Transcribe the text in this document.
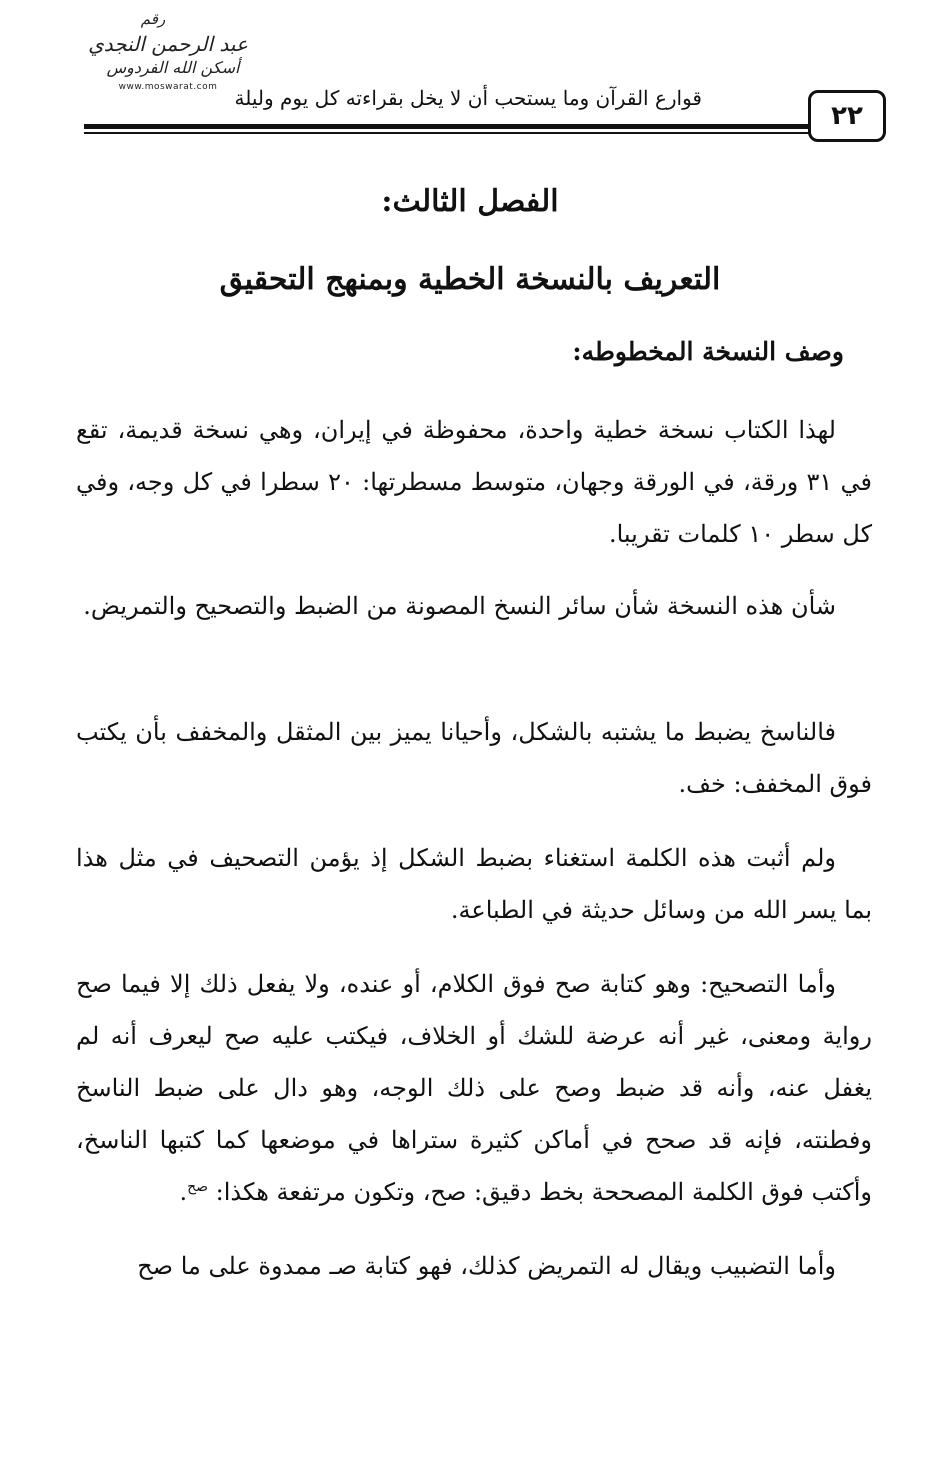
رقم
عبد الرحمن النجدي
أسكن الله الفردوس
www.moswarat.com قوارع القرآن وما يستحب أن لا يخل بقراءته كل يوم وليلة
٢٢
الفصل الثالث:
التعريف بالنسخة الخطية وبمنهج التحقيق
وصف النسخة المخطوطه:

لهذا الكتاب نسخة خطية واحدة، محفوظة في إيران، وهي نسخة قديمة، تقع في ٣١ ورقة، في الورقة وجهان، متوسط مسطرتها: ٢٠ سطرا في كل وجه، وفي كل سطر ١٠ كلمات تقريبا.

شأن هذه النسخة شأن سائر النسخ المصونة من الضبط والتصحيح والتمريض.

فالناسخ يضبط ما يشتبه بالشكل، وأحيانا يميز بين المثقل والمخفف بأن يكتب فوق المخفف: خف.

ولم أثبت هذه الكلمة استغناء بضبط الشكل إذ يؤمن التصحيف في مثل هذا بما يسر الله من وسائل حديثة في الطباعة.

وأما التصحيح: وهو كتابة صح فوق الكلام، أو عنده، ولا يفعل ذلك إلا فيما صح رواية ومعنى، غير أنه عرضة للشك أو الخلاف، فيكتب عليه صح ليعرف أنه لم يغفل عنه، وأنه قد ضبط وصح على ذلك الوجه، وهو دال على ضبط الناسخ وفطنته، فإنه قد صحح في أماكن كثيرة ستراها في موضعها كما كتبها الناسخ، وأكتب فوق الكلمة المصححة بخط دقيق: صح، وتكون مرتفعة هكذا: $^{صح}$.

وأما التضبيب ويقال له التمريض كذلك، فهو كتابة صـ ممدوة على ما صح
